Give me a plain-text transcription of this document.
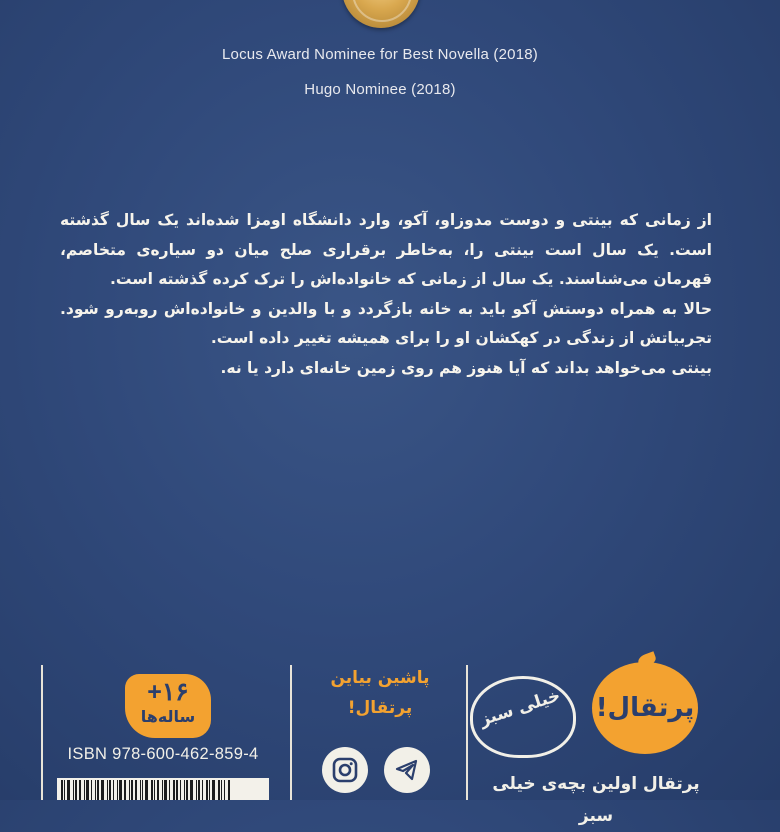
Locus Award Nominee for Best Novella (2018)
Hugo Nominee (2018)

از زمانی که بینتی و دوست مدوزاو، آکو، وارد دانشگاه اومزا شده‌اند یک سال گذشته است. یک سال است بینتی را، به‌خاطر برقراری صلح میان دو سیاره‌ی متخاصم، قهرمان می‌شناسند. یک سال از زمانی که خانواده‌اش را ترک کرده گذشته است.

حالا به همراه دوستش آکو باید به خانه بازگردد و با والدین و خانواده‌اش روبه‌رو شود. تجربیاتش از زندگی در کهکشان او را برای همیشه تغییر داده است.

بینتی می‌خواهد بداند که آیا هنوز هم روی زمین خانه‌ای دارد یا نه.

+۱۶
ساله‌ها
ISBN 978-600-462-859-4
پاشین بیاین
پرتقال!	خیلی سبز	پرتقال!
پرتقال اولین بچه‌ی خیلی سبز
